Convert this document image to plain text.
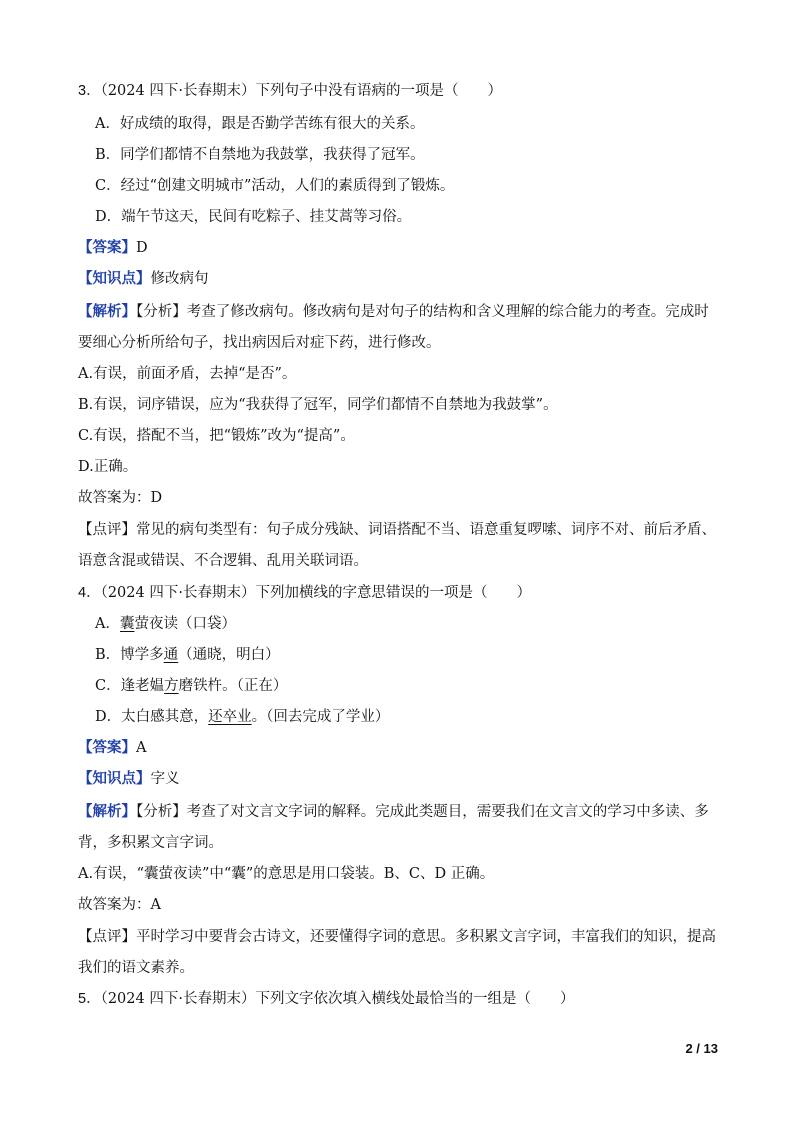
3．（2024 四下·长春期末）下列句子中没有语病的一项是（　　）
A．好成绩的取得，跟是否勤学苦练有很大的关系。
B．同学们都情不自禁地为我鼓掌，我获得了冠军。
C．经过“创建文明城市”活动，人们的素质得到了锻炼。
D．端午节这天，民间有吃粽子、挂艾蒿等习俗。
【答案】D
【知识点】修改病句
【解析】【分析】考查了修改病句。修改病句是对句子的结构和含义理解的综合能力的考查。完成时
要细心分析所给句子，找出病因后对症下药，进行修改。
A.有误，前面矛盾，去掉“是否”。
B.有误，词序错误，应为“我获得了冠军，同学们都情不自禁地为我鼓掌”。
C.有误，搭配不当，把“锻炼”改为“提高”。
D.正确。
故答案为：D
【点评】常见的病句类型有：句子成分残缺、词语搭配不当、语意重复啰嗦、词序不对、前后矛盾、
语意含混或错误、不合逻辑、乱用关联词语。
4．（2024 四下·长春期末）下列加横线的字意思错误的一项是（　　）
A．囊萤夜读（口袋）
B．博学多通（通晓，明白）
C．逢老媪方磨铁杵。（正在）
D．太白感其意，还卒业。（回去完成了学业）
【答案】A
【知识点】字义
【解析】【分析】考查了对文言文字词的解释。完成此类题目，需要我们在文言文的学习中多读、多
背，多积累文言字词。
A.有误，“囊萤夜读”中“囊”的意思是用口袋装。B、C、D 正确。
故答案为：A
【点评】平时学习中要背会古诗文，还要懂得字词的意思。多积累文言字词，丰富我们的知识，提高
我们的语文素养。
5．（2024 四下·长春期末）下列文字依次填入横线处最恰当的一组是（　　）
2 / 13
